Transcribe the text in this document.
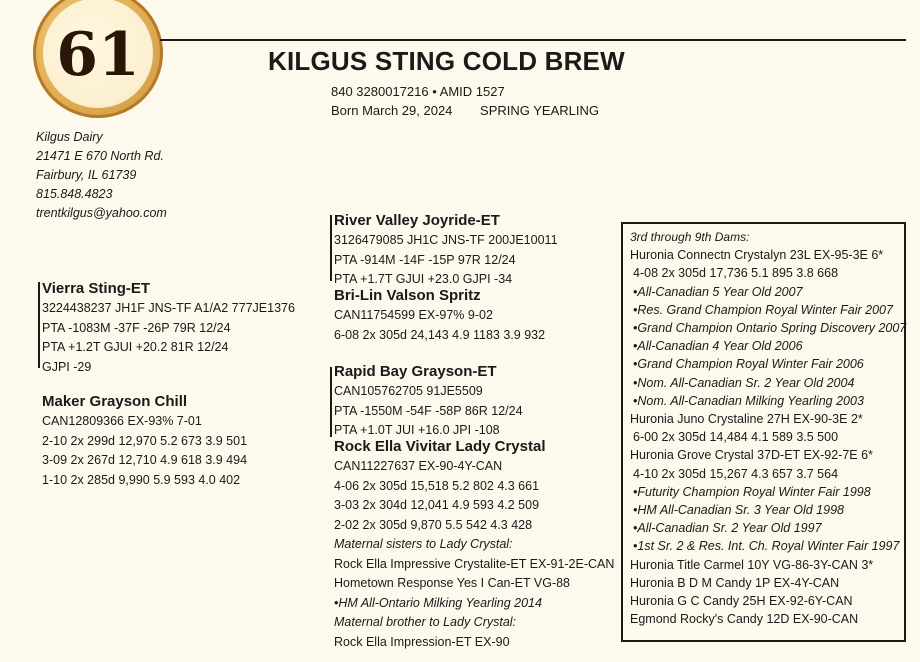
61	KILGUS STING COLD BREW
840 3280017216 • AMID 1527
Born March 29, 2024 SPRING YEARLING
Kilgus Dairy
21471 E 670 North Rd.
Fairbury, IL 61739
815.848.4823
trentkilgus@yahoo.com
Vierra Sting-ET
3224438237 JH1F JNS-TF A1/A2 777JE1376
PTA -1083M -37F -26P 79R 12/24
PTA +1.2T GJUI +20.2 81R 12/24
GJPI -29
Maker Grayson Chill
CAN12809366 EX-93% 7-01
2-10 2x 299d 12,970 5.2 673 3.9 501
3-09 2x 267d 12,710 4.9 618 3.9 494
1-10 2x 285d 9,990 5.9 593 4.0 402
River Valley Joyride-ET
3126479085 JH1C JNS-TF 200JE10011
PTA -914M -14F -15P 97R 12/24
PTA +1.7T GJUI +23.0 GJPI -34
Bri-Lin Valson Spritz
CAN11754599 EX-97% 9-02
6-08 2x 305d 24,143 4.9 1183 3.9 932
Rapid Bay Grayson-ET
CAN105762705 91JE5509
PTA -1550M -54F -58P 86R 12/24
PTA +1.0T JUI +16.0 JPI -108
Rock Ella Vivitar Lady Crystal
CAN11227637 EX-90-4Y-CAN
4-06 2x 305d 15,518 5.2 802 4.3 661
3-03 2x 304d 12,041 4.9 593 4.2 509
2-02 2x 305d 9,870 5.5 542 4.3 428
Maternal sisters to Lady Crystal:
Rock Ella Impressive Crystalite-ET EX-91-2E-CAN
Hometown Response Yes I Can-ET VG-88
•HM All-Ontario Milking Yearling 2014
Maternal brother to Lady Crystal:
Rock Ella Impression-ET EX-90
3rd through 9th Dams:
Huronia Connectn Crystalyn 23L EX-95-3E 6*
4-08 2x 305d 17,736 5.1 895 3.8 668
•All-Canadian 5 Year Old 2007
•Res. Grand Champion Royal Winter Fair 2007
•Grand Champion Ontario Spring Discovery 2007
•All-Canadian 4 Year Old 2006
•Grand Champion Royal Winter Fair 2006
•Nom. All-Canadian Sr. 2 Year Old 2004
•Nom. All-Canadian Milking Yearling 2003
Huronia Juno Crystaline 27H EX-90-3E 2*
6-00 2x 305d 14,484 4.1 589 3.5 500
Huronia Grove Crystal 37D-ET EX-92-7E 6*
4-10 2x 305d 15,267 4.3 657 3.7 564
•Futurity Champion Royal Winter Fair 1998
•HM All-Canadian Sr. 3 Year Old 1998
•All-Canadian Sr. 2 Year Old 1997
•1st Sr. 2 & Res. Int. Ch. Royal Winter Fair 1997
Huronia Title Carmel 10Y VG-86-3Y-CAN 3*
Huronia B D M Candy 1P EX-4Y-CAN
Huronia G C Candy 25H EX-92-6Y-CAN
Egmond Rocky's Candy 12D EX-90-CAN
